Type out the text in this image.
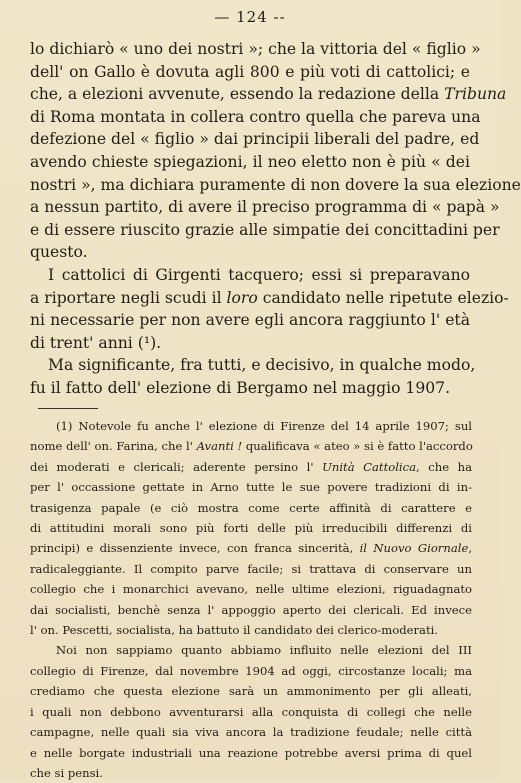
— 124 --
lo dichiarò « uno dei nostri »; che la vittoria del « figlio »
dell' on Gallo è dovuta agli 800 e più voti di cattolici; e
che, a elezioni avvenute, essendo la redazione della Tribuna
di Roma montata in collera contro quella che pareva una
defezione del « figlio » dai principii liberali del padre, ed
avendo chieste spiegazioni, il neo eletto non è più « dei
nostri », ma dichiara puramente di non dovere la sua elezione
a nessun partito, di avere il preciso programma di « papà »
e di essere riuscito grazie alle simpatie dei concittadini per
questo.
I cattolici di Girgenti tacquero; essi si preparavano
a riportare negli scudi il loro candidato nelle ripetute elezio-
ni necessarie per non avere egli ancora raggiunto l' età
di trent' anni (¹).
Ma significante, fra tutti, e decisivo, in qualche modo,
fu il fatto dell' elezione di Bergamo nel maggio 1907.
(1) Notevole fu anche l' elezione di Firenze del 14 aprile 1907; sul
nome dell' on. Farina, che l' Avanti ! qualificava « ateo » si è fatto l'accordo
dei moderati e clericali; aderente persino l' Unità Cattolica, che ha
per l' occassione gettate in Arno tutte le sue povere tradizioni di in-
trasigenza papale (e ciò mostra come certe affinità di carattere e
di attitudini morali sono più forti delle più irreducibili differenzi di
principi) e dissenziente invece, con franca sincerità, il Nuovo Giornale,
radicaleggiante. Il compito parve facile; si trattava di conservare un
collegio che i monarchici avevano, nelle ultime elezioni, riguadagnato
dai socialisti, benchè senza l' appoggio aperto dei clericali. Ed invece
l' on. Pescetti, socialista, ha battuto il candidato dei clerico-moderati.
Noi non sappiamo quanto abbiamo influito nelle elezioni del III
collegio di Firenze, dal novembre 1904 ad oggi, circostanze locali; ma
crediamo che questa elezione sarà un ammonimento per gli alleati,
i quali non debbono avventurarsi alla conquista di collegi che nelle
campagne, nelle quali sia viva ancora la tradizione feudale; nelle città
e nelle borgate industriali una reazione potrebbe aversi prima di quel
che si pensi.
